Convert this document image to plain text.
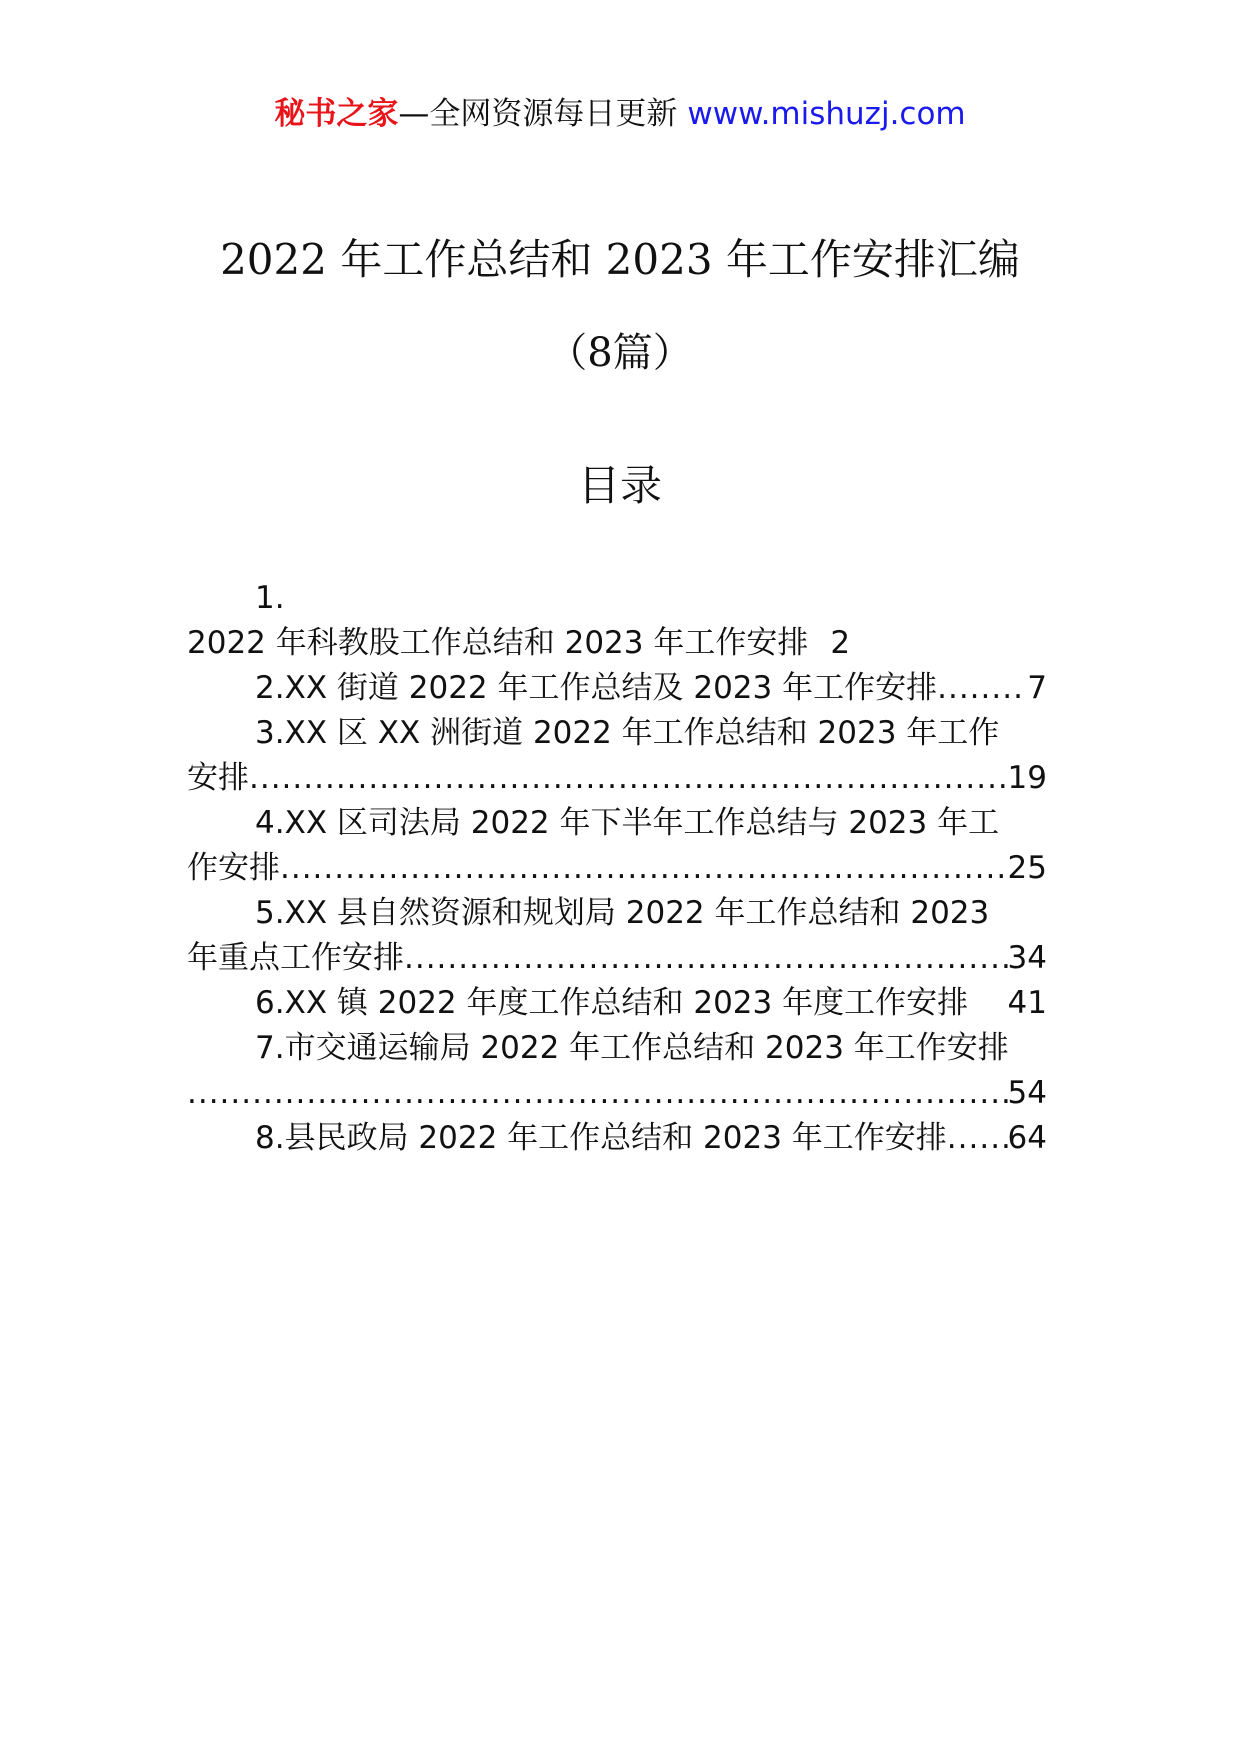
秘书之家—全网资源每日更新 www.mishuzj.com
2022 年工作总结和 2023 年工作安排汇编
（8篇）
目录
1.
2022 年科教股工作总结和 2023 年工作安排 2
2.XX 街道 2022 年工作总结及 2023 年工作安排 .....	7
3.XX 区 XX 洲街道 2022 年工作总结和 2023 年工作
安排 .....	19
4.XX 区司法局 2022 年下半年工作总结与 2023 年工
作安排 .....	25
5.XX 县自然资源和规划局 2022 年工作总结和 2023
年重点工作安排 .....	34
6.XX 镇 2022 年度工作总结和 2023 年度工作安排 41
7.市交通运输局 2022 年工作总结和 2023 年工作安排
.....
54
8.县民政局 2022 年工作总结和 2023 年工作安排 ..... 64
